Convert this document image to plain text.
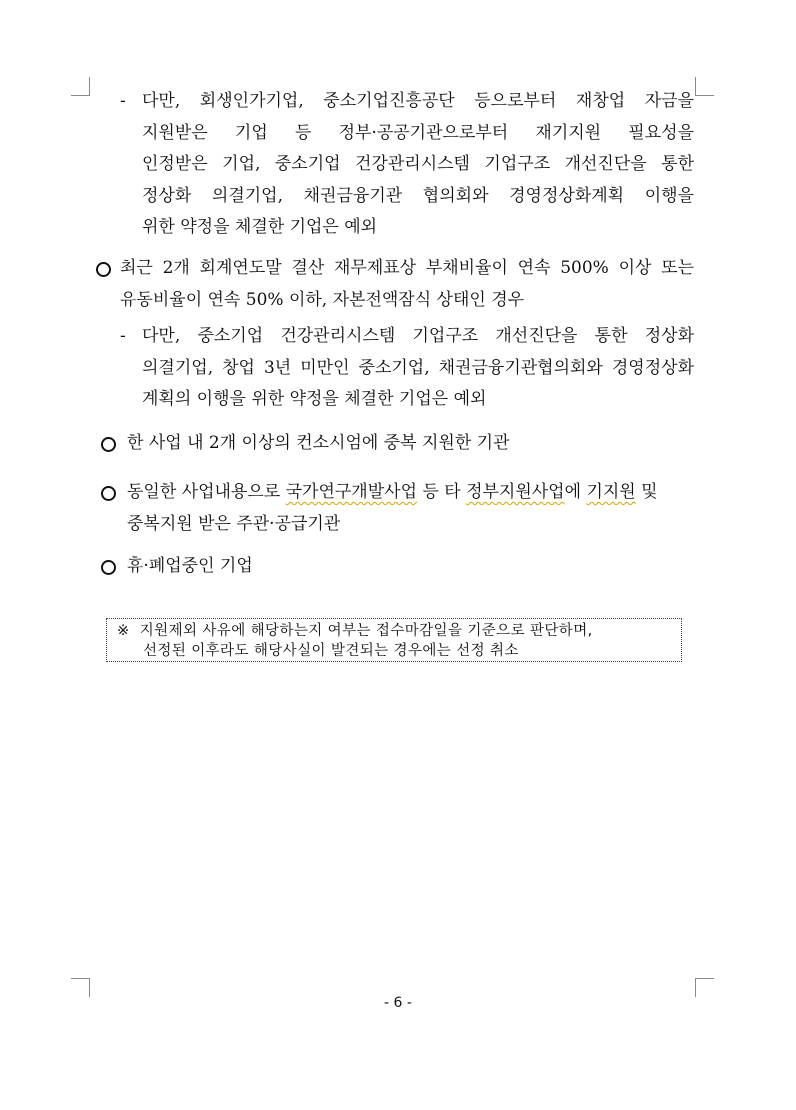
- 다만, 회생인가기업, 중소기업진흥공단 등으로부터 재창업 자금을
지원받은 기업 등 정부·공공기관으로부터 재기지원 필요성을
인정받은 기업, 중소기업 건강관리시스템 기업구조 개선진단을 통한
정상화 의결기업, 채권금융기관 협의회와 경영정상화계획 이행을
위한 약정을 체결한 기업은 예외
최근 2개 회계연도말 결산 재무제표상 부채비율이 연속 500% 이상 또는
유동비율이 연속 50% 이하, 자본전액잠식 상태인 경우
- 다만, 중소기업 건강관리시스템 기업구조 개선진단을 통한 정상화
의결기업, 창업 3년 미만인 중소기업, 채권금융기관협의회와 경영정상화
계획의 이행을 위한 약정을 체결한 기업은 예외
한 사업 내 2개 이상의 컨소시엄에 중복 지원한 기관
동일한 사업내용으로 국가연구개발사업 등 타 정부지원사업에 기지원 및
중복지원 받은 주관·공급기관
휴·폐업중인 기업
※ 지원제외 사유에 해당하는지 여부는 접수마감일을 기준으로 판단하며,
선정된 이후라도 해당사실이 발견되는 경우에는 선정 취소
- 6 -
